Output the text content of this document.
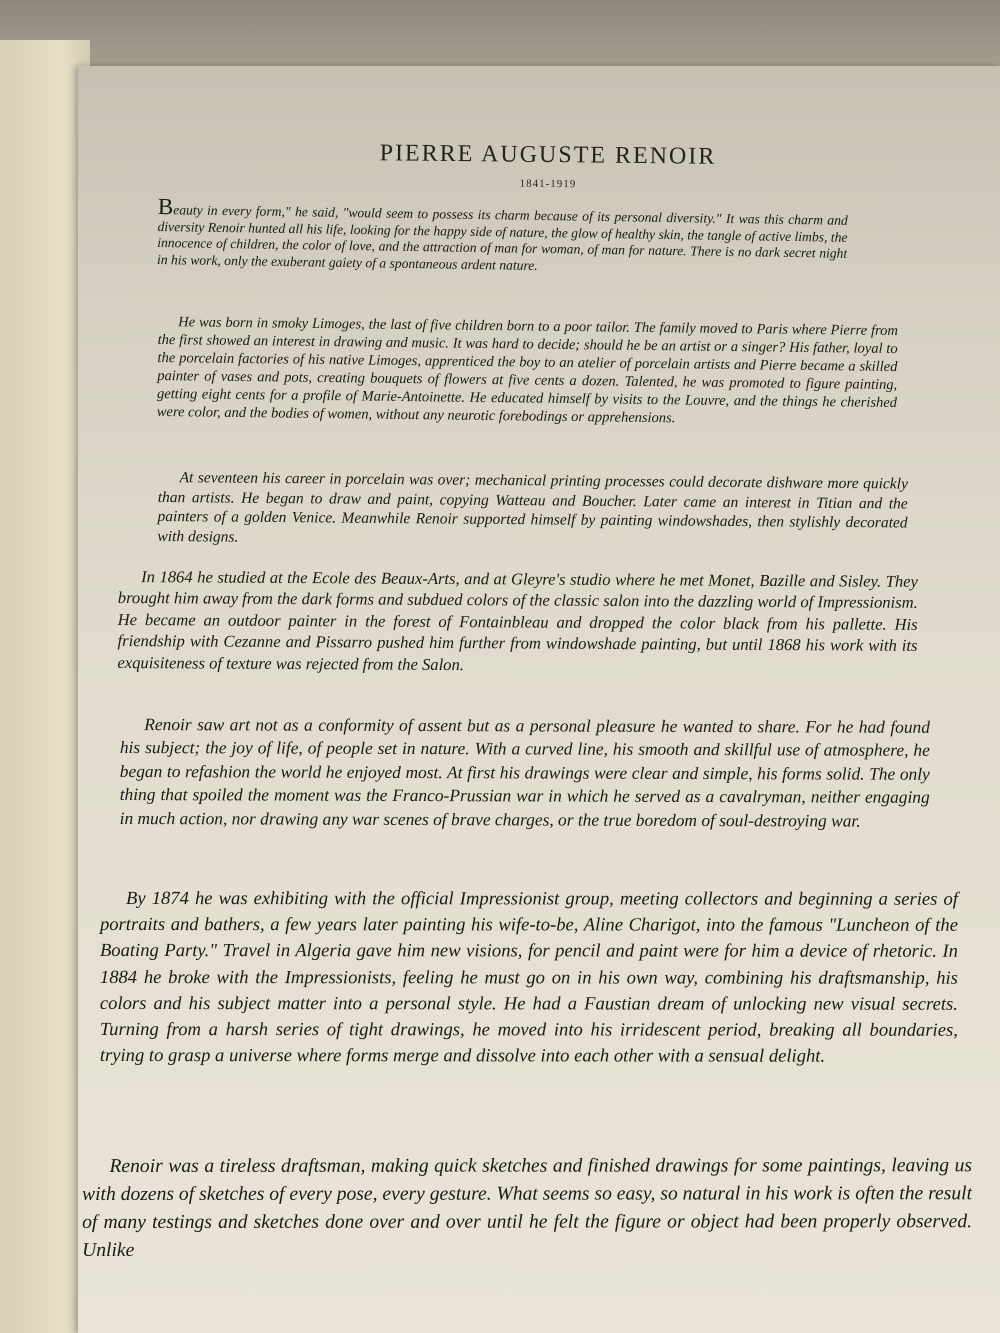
PIERRE AUGUSTE RENOIR
1841-1919

Beauty in every form," he said, "would seem to possess its charm because of its personal diversity." It was this charm and diversity Renoir hunted all his life, looking for the happy side of nature, the glow of healthy skin, the tangle of active limbs, the innocence of children, the color of love, and the attraction of man for woman, of man for nature. There is no dark secret night in his work, only the exuberant gaiety of a spontaneous ardent nature.

He was born in smoky Limoges, the last of five children born to a poor tailor. The family moved to Paris where Pierre from the first showed an interest in drawing and music. It was hard to decide; should he be an artist or a singer? His father, loyal to the porcelain factories of his native Limoges, apprenticed the boy to an atelier of porcelain artists and Pierre became a skilled painter of vases and pots, creating bouquets of flowers at five cents a dozen. Talented, he was promoted to figure painting, getting eight cents for a profile of Marie-Antoinette. He educated himself by visits to the Louvre, and the things he cherished were color, and the bodies of women, without any neurotic forebodings or apprehensions.

At seventeen his career in porcelain was over; mechanical printing processes could decorate dishware more quickly than artists. He began to draw and paint, copying Watteau and Boucher. Later came an interest in Titian and the painters of a golden Venice. Meanwhile Renoir supported himself by painting windowshades, then stylishly decorated with designs.

In 1864 he studied at the Ecole des Beaux-Arts, and at Gleyre's studio where he met Monet, Bazille and Sisley. They brought him away from the dark forms and subdued colors of the classic salon into the dazzling world of Impressionism. He became an outdoor painter in the forest of Fontainbleau and dropped the color black from his pallette. His friendship with Cezanne and Pissarro pushed him further from windowshade painting, but until 1868 his work with its exquisiteness of texture was rejected from the Salon.

Renoir saw art not as a conformity of assent but as a personal pleasure he wanted to share. For he had found his subject; the joy of life, of people set in nature. With a curved line, his smooth and skillful use of atmosphere, he began to refashion the world he enjoyed most. At first his drawings were clear and simple, his forms solid. The only thing that spoiled the moment was the Franco-Prussian war in which he served as a cavalryman, neither engaging in much action, nor drawing any war scenes of brave charges, or the true boredom of soul-destroying war.

By 1874 he was exhibiting with the official Impressionist group, meeting collectors and beginning a series of portraits and bathers, a few years later painting his wife-to-be, Aline Charigot, into the famous "Luncheon of the Boating Party." Travel in Algeria gave him new visions, for pencil and paint were for him a device of rhetoric. In 1884 he broke with the Impressionists, feeling he must go on in his own way, combining his draftsmanship, his colors and his subject matter into a personal style. He had a Faustian dream of unlocking new visual secrets. Turning from a harsh series of tight drawings, he moved into his irridescent period, breaking all boundaries, trying to grasp a universe where forms merge and dissolve into each other with a sensual delight.

Renoir was a tireless draftsman, making quick sketches and finished drawings for some paintings, leaving us with dozens of sketches of every pose, every gesture. What seems so easy, so natural in his work is often the result of many testings and sketches done over and over until he felt the figure or object had been properly observed. Unlike
